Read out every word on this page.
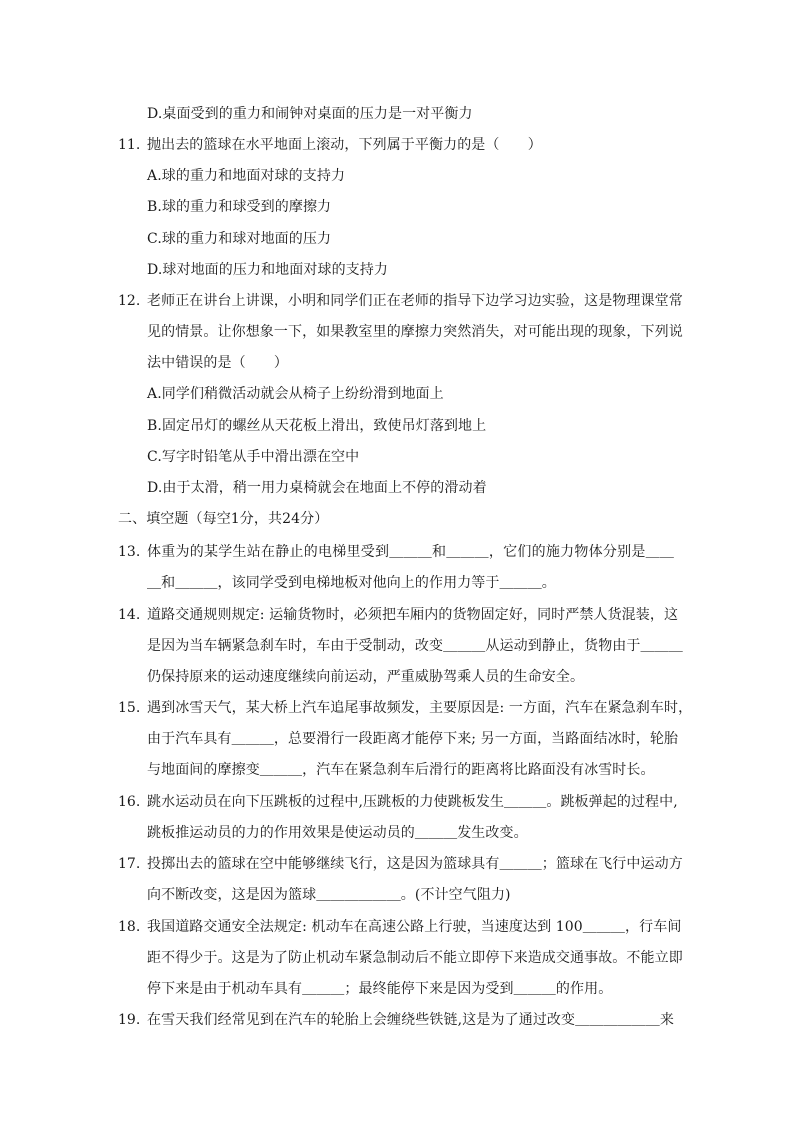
D.桌面受到的重力和闹钟对桌面的压力是一对平衡力
11. 抛出去的篮球在水平地面上滚动，下列属于平衡力的是（　　）
A.球的重力和地面对球的支持力
B.球的重力和球受到的摩擦力
C.球的重力和球对地面的压力
D.球对地面的压力和地面对球的支持力
12. 老师正在讲台上讲课，小明和同学们正在老师的指导下边学习边实验，这是物理课堂常
见的情景。让你想象一下，如果教室里的摩擦力突然消失，对可能出现的现象，下列说
法中错误的是（　　）
A.同学们稍微活动就会从椅子上纷纷滑到地面上
B.固定吊灯的螺丝从天花板上滑出，致使吊灯落到地上
C.写字时铅笔从手中滑出漂在空中
D.由于太滑，稍一用力桌椅就会在地面上不停的滑动着
二、填空题（每空1分，共24分）
13. 体重为的某学生站在静止的电梯里受到＿＿＿和＿＿＿，它们的施力物体分别是＿＿
＿和＿＿＿，该同学受到电梯地板对他向上的作用力等于＿＿＿。
14. 道路交通规则规定: 运输货物时，必须把车厢内的货物固定好，同时严禁人货混装，这
是因为当车辆紧急刹车时，车由于受制动，改变＿＿＿从运动到静止，货物由于＿＿＿
仍保持原来的运动速度继续向前运动，严重威胁驾乘人员的生命安全。
15. 遇到冰雪天气，某大桥上汽车追尾事故频发，主要原因是: 一方面，汽车在紧急刹车时，
由于汽车具有＿＿＿，总要滑行一段距离才能停下来; 另一方面，当路面结冰时，轮胎
与地面间的摩擦变＿＿＿，汽车在紧急刹车后滑行的距离将比路面没有冰雪时长。
16. 跳水运动员在向下压跳板的过程中,压跳板的力使跳板发生＿＿＿。跳板弹起的过程中,
跳板推运动员的力的作用效果是使运动员的＿＿＿发生改变。
17. 投掷出去的篮球在空中能够继续飞行，这是因为篮球具有＿＿＿；篮球在飞行中运动方
向不断改变，这是因为篮球＿＿＿＿＿＿。(不计空气阻力)
18. 我国道路交通安全法规定: 机动车在高速公路上行驶，当速度达到 100＿＿＿，行车间
距不得少于。这是为了防止机动车紧急制动后不能立即停下来造成交通事故。不能立即
停下来是由于机动车具有＿＿＿；最终能停下来是因为受到＿＿＿的作用。
19. 在雪天我们经常见到在汽车的轮胎上会缠绕些铁链,这是为了通过改变＿＿＿＿＿＿来
